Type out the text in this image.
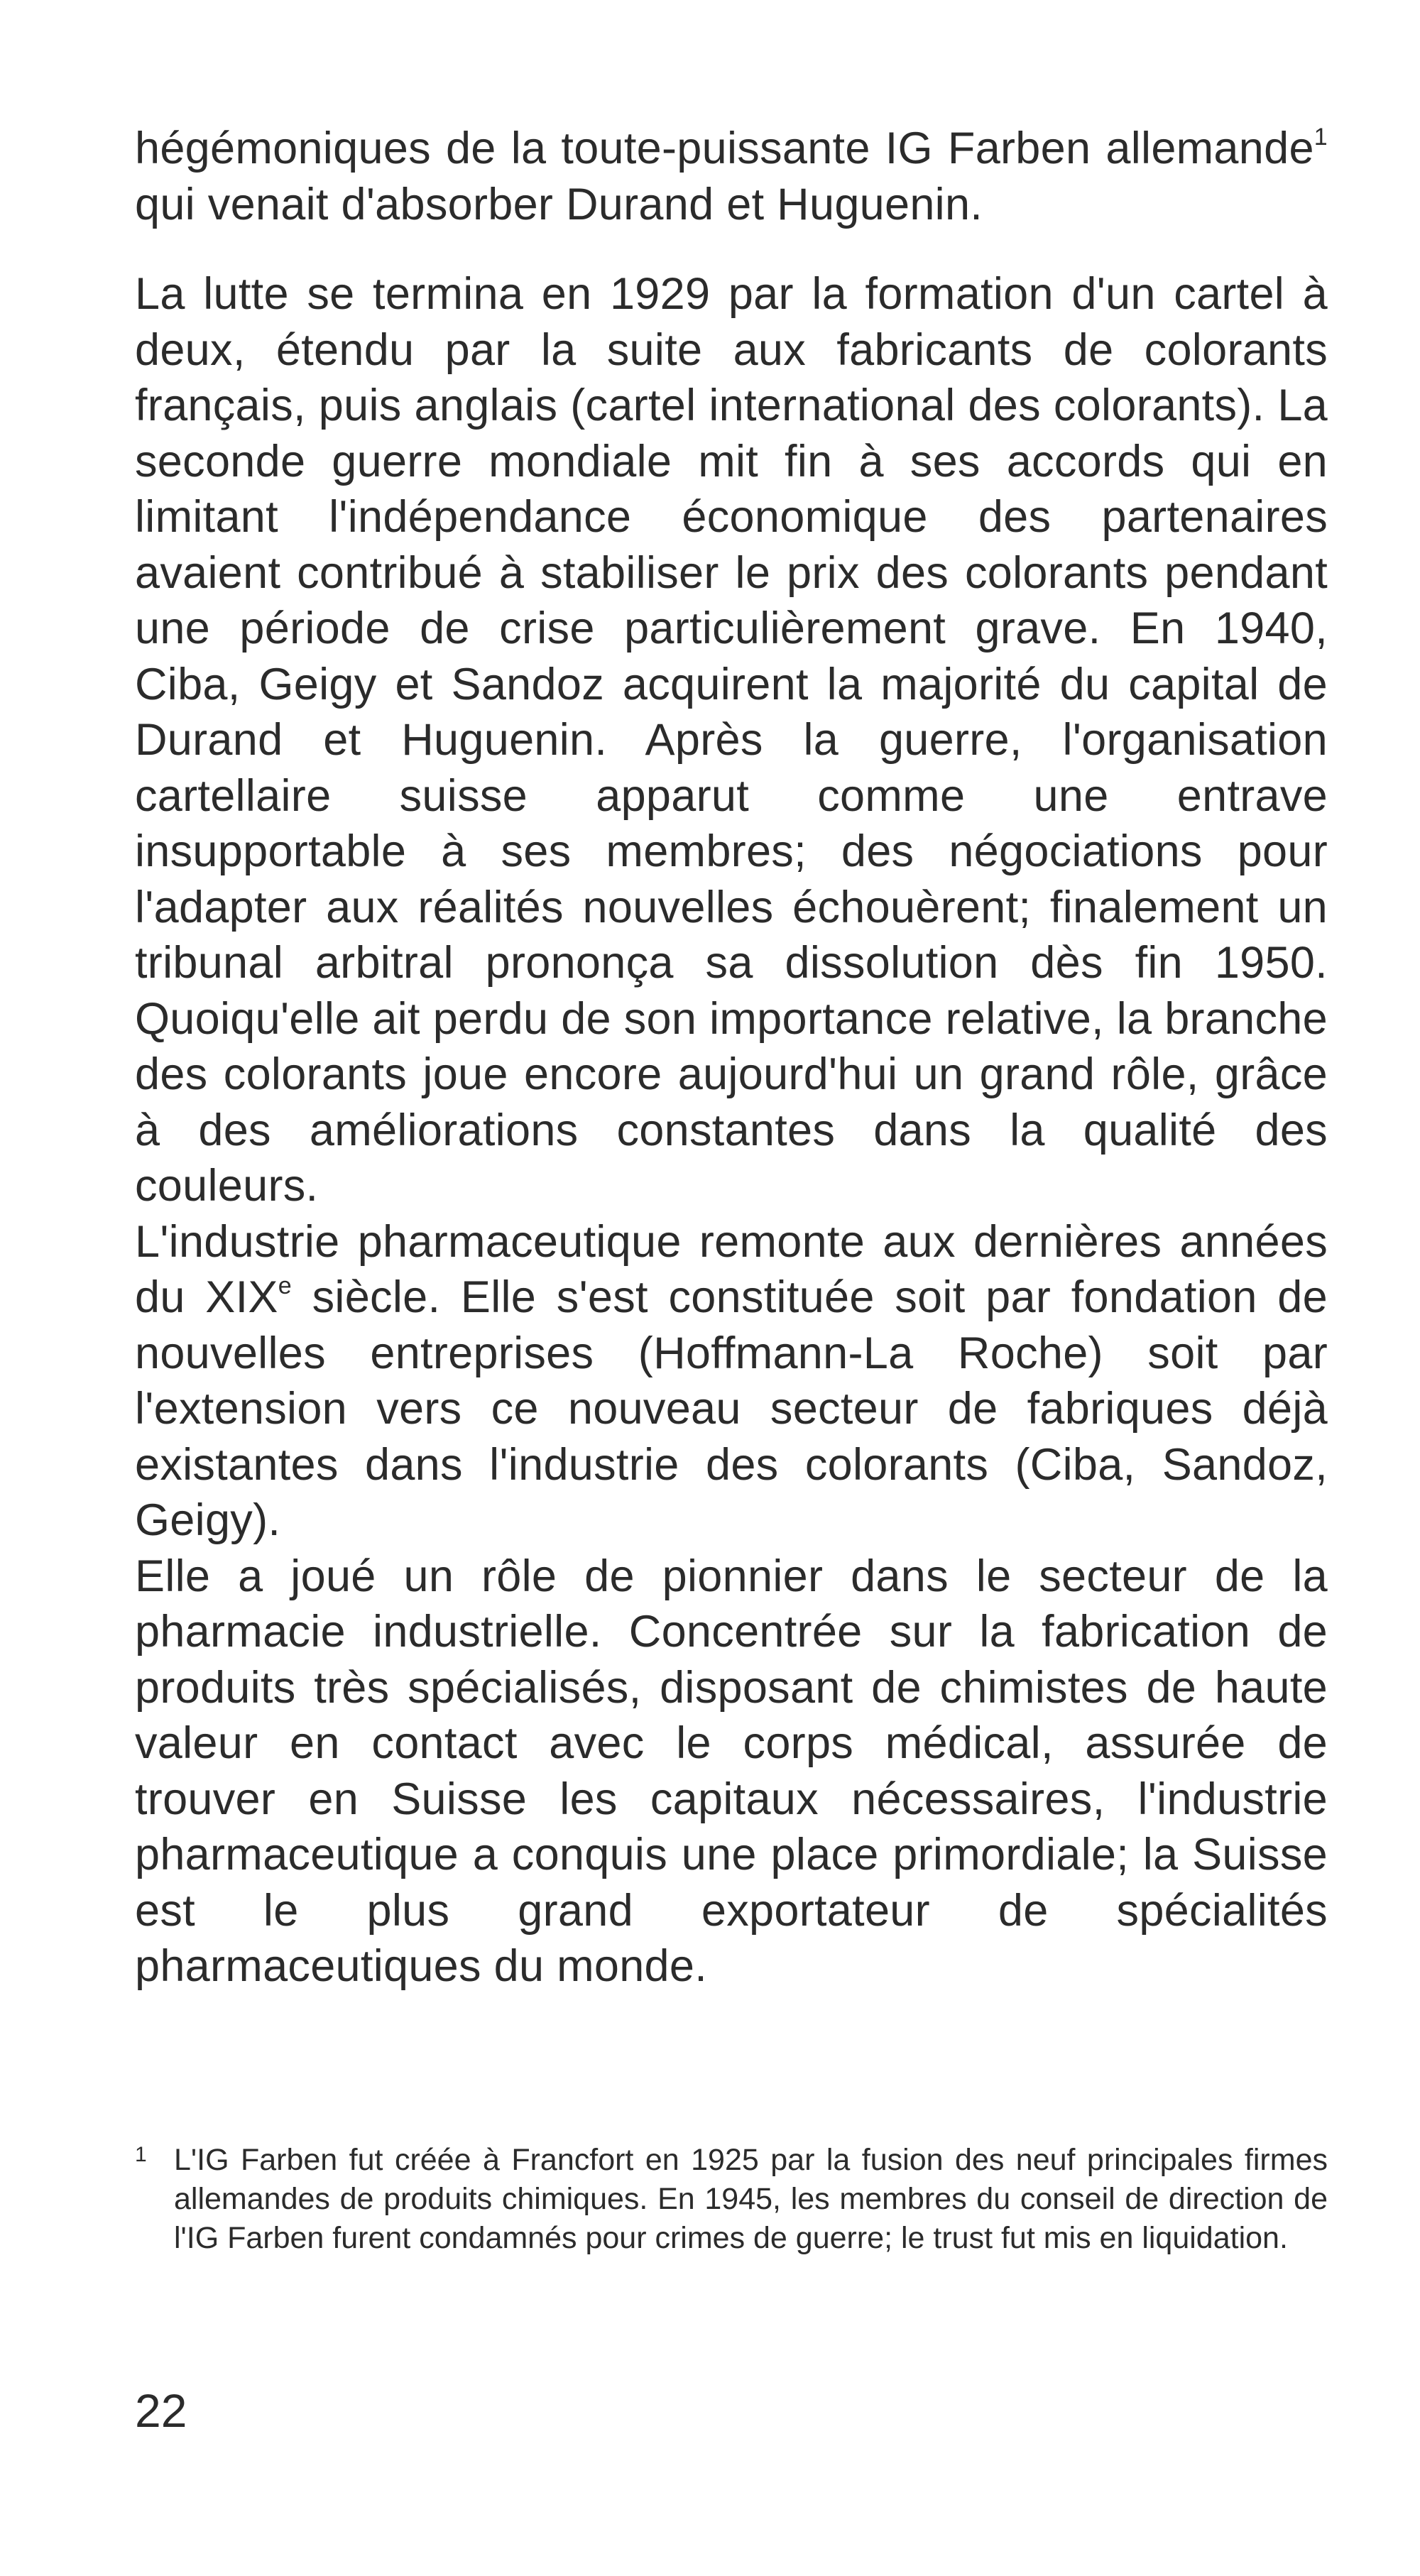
hégémoniques de la toute-puissante IG Farben allemande$^1$ qui venait d'absorber Durand et Huguenin.

La lutte se termina en 1929 par la formation d'un cartel à deux, étendu par la suite aux fabricants de colorants français, puis anglais (cartel international des colorants). La seconde guerre mondiale mit fin à ses accords qui en limitant l'indépendance économique des partenaires avaient contribué à stabiliser le prix des colorants pendant une période de crise particulièrement grave. En 1940, Ciba, Geigy et Sandoz acquirent la majorité du capital de Durand et Huguenin. Après la guerre, l'organisation cartellaire suisse apparut comme une entrave insupportable à ses membres; des négociations pour l'adapter aux réalités nouvelles échouèrent; finalement un tribunal arbitral prononça sa dissolution dès fin 1950. Quoiqu'elle ait perdu de son importance relative, la branche des colorants joue encore aujourd'hui un grand rôle, grâce à des améliorations constantes dans la qualité des couleurs.

L'industrie pharmaceutique remonte aux dernières années du XIXe siècle. Elle s'est constituée soit par fondation de nouvelles entreprises (Hoffmann-La Roche) soit par l'extension vers ce nouveau secteur de fabriques déjà existantes dans l'industrie des colorants (Ciba, Sandoz, Geigy).

Elle a joué un rôle de pionnier dans le secteur de la pharmacie industrielle. Concentrée sur la fabrication de produits très spécialisés, disposant de chimistes de haute valeur en contact avec le corps médical, assurée de trouver en Suisse les capitaux nécessaires, l'industrie pharmaceutique a conquis une place primordiale; la Suisse est le plus grand exportateur de spécialités pharmaceutiques du monde.

1 L'IG Farben fut créée à Francfort en 1925 par la fusion des neuf principales firmes allemandes de produits chimiques. En 1945, les membres du conseil de direction de l'IG Farben furent condamnés pour crimes de guerre; le trust fut mis en liquidation.
22
